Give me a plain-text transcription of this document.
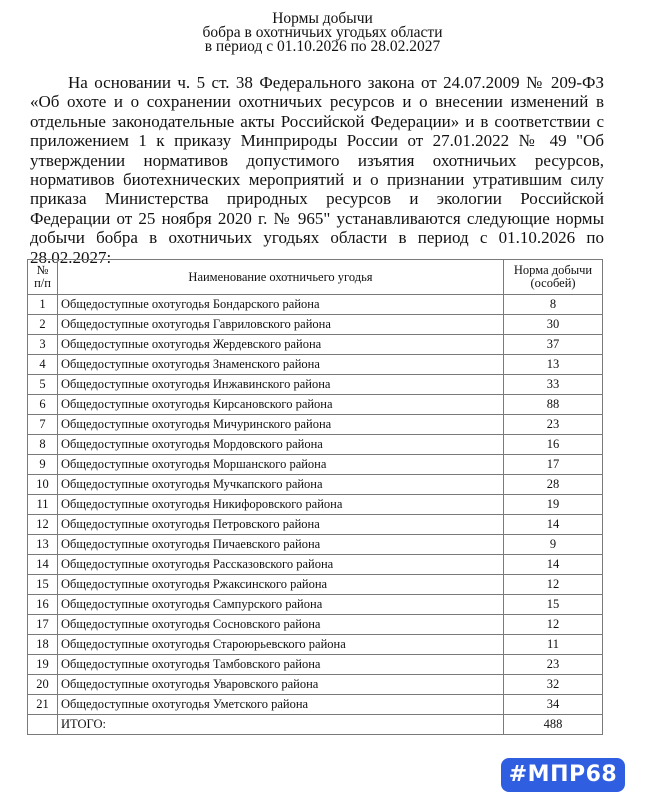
Нормы добычи
бобра в охотничьих угодьях области
в период с 01.10.2026 по 28.02.2027

На основании ч. 5 ст. 38 Федерального закона от 24.07.2009 № 209-ФЗ «Об охоте и о сохранении охотничьих ресурсов и о внесении изменений в отдельные законодательные акты Российской Федерации» и в соответствии с приложением 1 к приказу Минприроды России от 27.01.2022 № 49 "Об утверждении нормативов допустимого изъятия охотничьих ресурсов, нормативов биотехнических мероприятий и о признании утратившим силу приказа Министерства природных ресурсов и экологии Российской Федерации от 25 ноября 2020 г. № 965" устанавливаются следующие нормы добычи бобра в охотничьих угодьях области в период с 01.10.2026 по 28.02.2027:

№ п/п	Наименование охотничьего угодья	Норма добычи (особей)
1	Общедоступные охотугодья Бондарского района	8
2	Общедоступные охотугодья Гавриловского района	30
3	Общедоступные охотугодья Жердевского района	37
4	Общедоступные охотугодья Знаменского района	13
5	Общедоступные охотугодья Инжавинского района	33
6	Общедоступные охотугодья Кирсановского района	88
7	Общедоступные охотугодья Мичуринского района	23
8	Общедоступные охотугодья Мордовского района	16
9	Общедоступные охотугодья Моршанского района	17
10	Общедоступные охотугодья Мучкапского района	28
11	Общедоступные охотугодья Никифоровского района	19
12	Общедоступные охотугодья Петровского района	14
13	Общедоступные охотугодья Пичаевского района	9
14	Общедоступные охотугодья Рассказовского района	14
15	Общедоступные охотугодья Ржаксинского района	12
16	Общедоступные охотугодья Сампурского района	15
17	Общедоступные охотугодья Сосновского района	12
18	Общедоступные охотугодья Староюрьевского района	11
19	Общедоступные охотугодья Тамбовского района	23
20	Общедоступные охотугодья Уваровского района	32
21	Общедоступные охотугодья Уметского района	34
	ИТОГО:	488
#МПР68
